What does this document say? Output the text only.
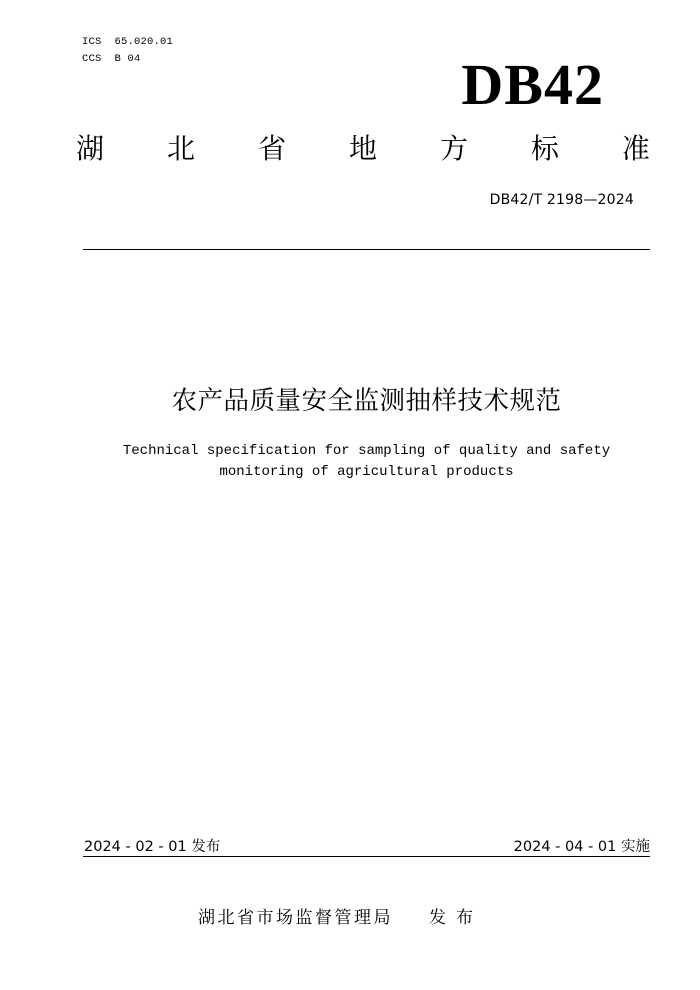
ICS  65.020.01
CCS  B 04	DB42
湖 北 省 地 方 标 准
DB42/T 2198—2024
农产品质量安全监测抽样技术规范
Technical specification for sampling of quality and safety
monitoring of agricultural products
2024 - 02 - 01 发布	2024 - 04 - 01 实施
湖北省市场监督管理局 发布
